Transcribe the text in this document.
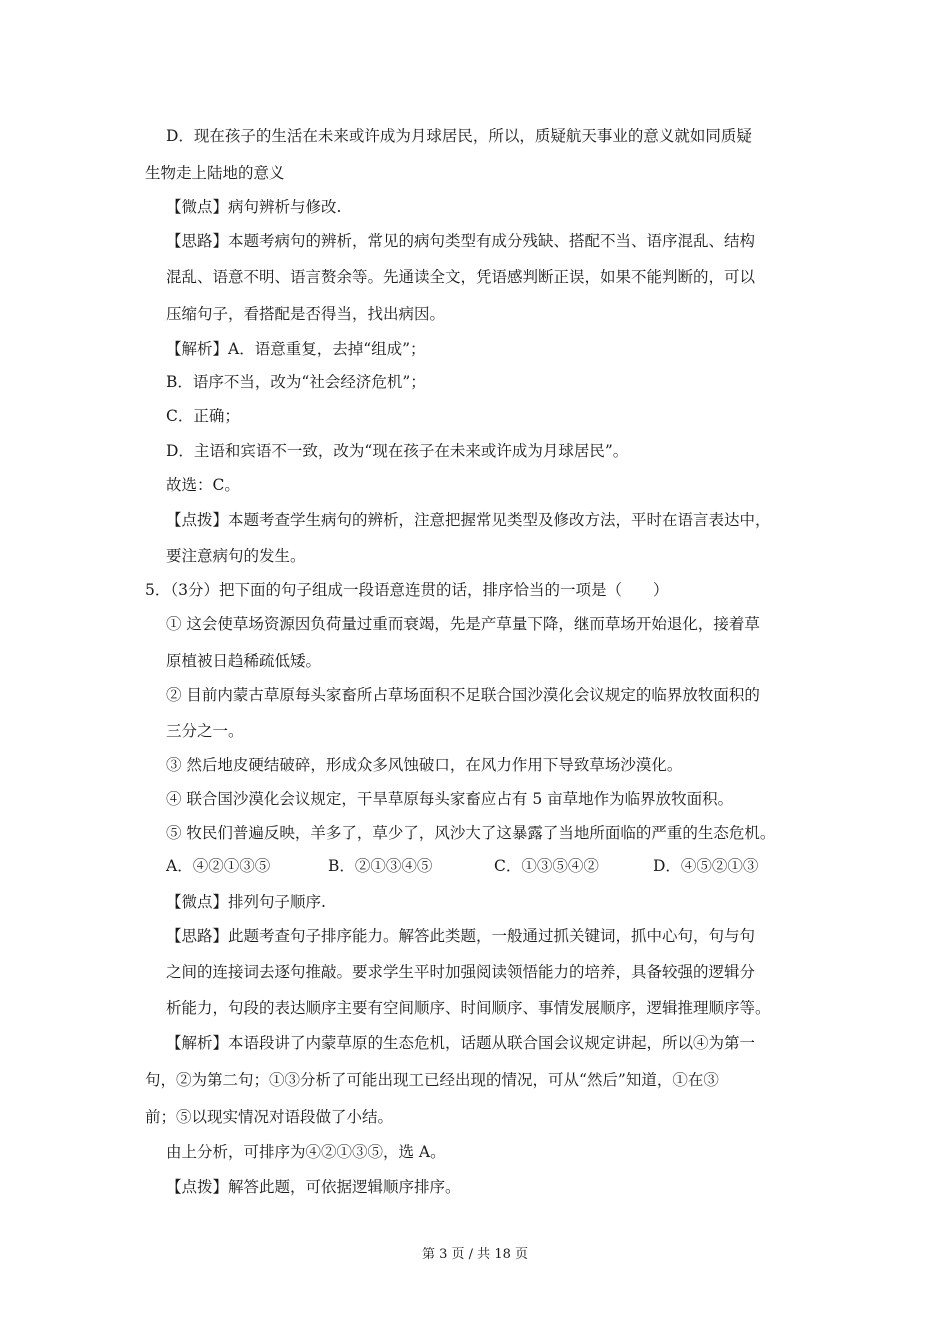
D．现在孩子的生活在未来或许成为月球居民，所以，质疑航天事业的意义就如同质疑
生物走上陆地的意义
【微点】病句辨析与修改.
【思路】本题考病句的辨析，常见的病句类型有成分残缺、搭配不当、语序混乱、结构
混乱、语意不明、语言赘余等。先通读全文，凭语感判断正误，如果不能判断的，可以
压缩句子，看搭配是否得当，找出病因。
【解析】A．语意重复，去掉“组成”；
B．语序不当，改为“社会经济危机”；
C．正确；
D．主语和宾语不一致，改为“现在孩子在未来或许成为月球居民”。
故选：C。
【点拨】本题考查学生病句的辨析，注意把握常见类型及修改方法，平时在语言表达中，
要注意病句的发生。
5．（3分）把下面的句子组成一段语意连贯的话，排序恰当的一项是（　　）
① 这会使草场资源因负荷量过重而衰竭，先是产草量下降，继而草场开始退化，接着草
原植被日趋稀疏低矮。
② 目前内蒙古草原每头家畜所占草场面积不足联合国沙漠化会议规定的临界放牧面积的
三分之一。
③ 然后地皮硬结破碎，形成众多风蚀破口，在风力作用下导致草场沙漠化。
④ 联合国沙漠化会议规定，干旱草原每头家畜应占有 5 亩草地作为临界放牧面积。
⑤ 牧民们普遍反映，羊多了，草少了，风沙大了这暴露了当地所面临的严重的生态危机。
A．④②①③⑤	B．②①③④⑤	C．①③⑤④②	D．④⑤②①③
【微点】排列句子顺序.
【思路】此题考查句子排序能力。解答此类题，一般通过抓关键词，抓中心句，句与句
之间的连接词去逐句推敲。要求学生平时加强阅读领悟能力的培养，具备较强的逻辑分
析能力，句段的表达顺序主要有空间顺序、时间顺序、事情发展顺序，逻辑推理顺序等。
【解析】本语段讲了内蒙草原的生态危机，话题从联合国会议规定讲起，所以④为第一
句，②为第二句；①③分析了可能出现工已经出现的情况，可从“然后”知道，①在③
前；⑤以现实情况对语段做了小结。
由上分析，可排序为④②①③⑤，选 A。
【点拨】解答此题，可依据逻辑顺序排序。
第 3 页 / 共 18 页
